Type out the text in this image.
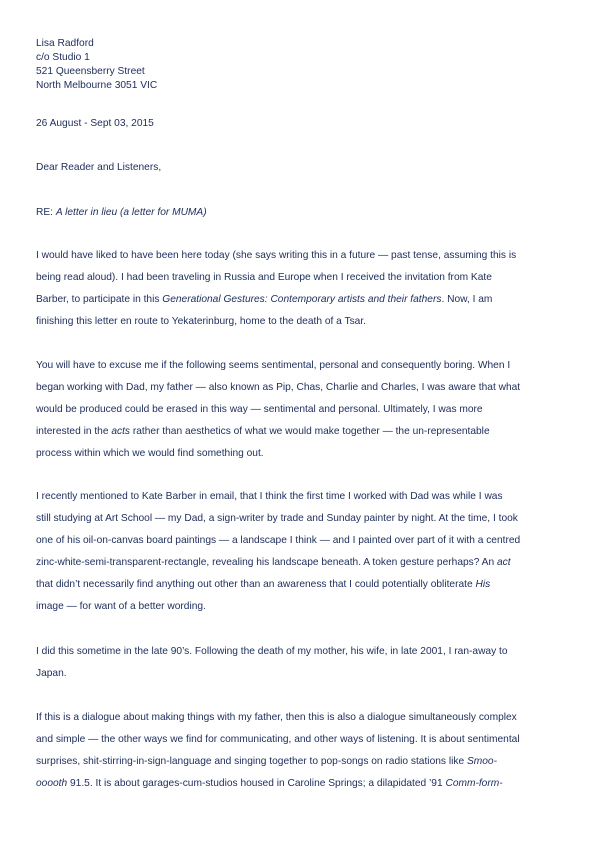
Lisa Radford
c/o Studio 1
521 Queensberry Street
North Melbourne 3051 VIC
26 August - Sept 03, 2015
Dear Reader and Listeners,
RE: A letter in lieu (a letter for MUMA)
I would have liked to have been here today (she says writing this in a future — past tense, assuming this is
being read aloud). I had been traveling in Russia and Europe when I received the invitation from Kate
Barber, to participate in this Generational Gestures: Contemporary artists and their fathers. Now, I am
finishing this letter en route to Yekaterinburg, home to the death of a Tsar.
You will have to excuse me if the following seems sentimental, personal and consequently boring. When I
began working with Dad, my father — also known as Pip, Chas, Charlie and Charles, I was aware that what
would be produced could be erased in this way — sentimental and personal. Ultimately, I was more
interested in the acts rather than aesthetics of what we would make together — the un-representable
process within which we would find something out.
I recently mentioned to Kate Barber in email, that I think the first time I worked with Dad was while I was
still studying at Art School — my Dad, a sign-writer by trade and Sunday painter by night. At the time, I took
one of his oil-on-canvas board paintings — a landscape I think — and I painted over part of it with a centred
zinc-white-semi-transparent-rectangle, revealing his landscape beneath. A token gesture perhaps? An act
that didn’t necessarily find anything out other than an awareness that I could potentially obliterate His
image — for want of a better wording.
I did this sometime in the late 90’s. Following the death of my mother, his wife, in late 2001, I ran-away to
Japan.
If this is a dialogue about making things with my father, then this is also a dialogue simultaneously complex
and simple — the other ways we find for communicating, and other ways of listening. It is about sentimental
surprises, shit-stirring-in-sign-language and singing together to pop-songs on radio stations like Smoo-
ooooth 91.5. It is about garages-cum-studios housed in Caroline Springs; a dilapidated ’91 Comm-form-
